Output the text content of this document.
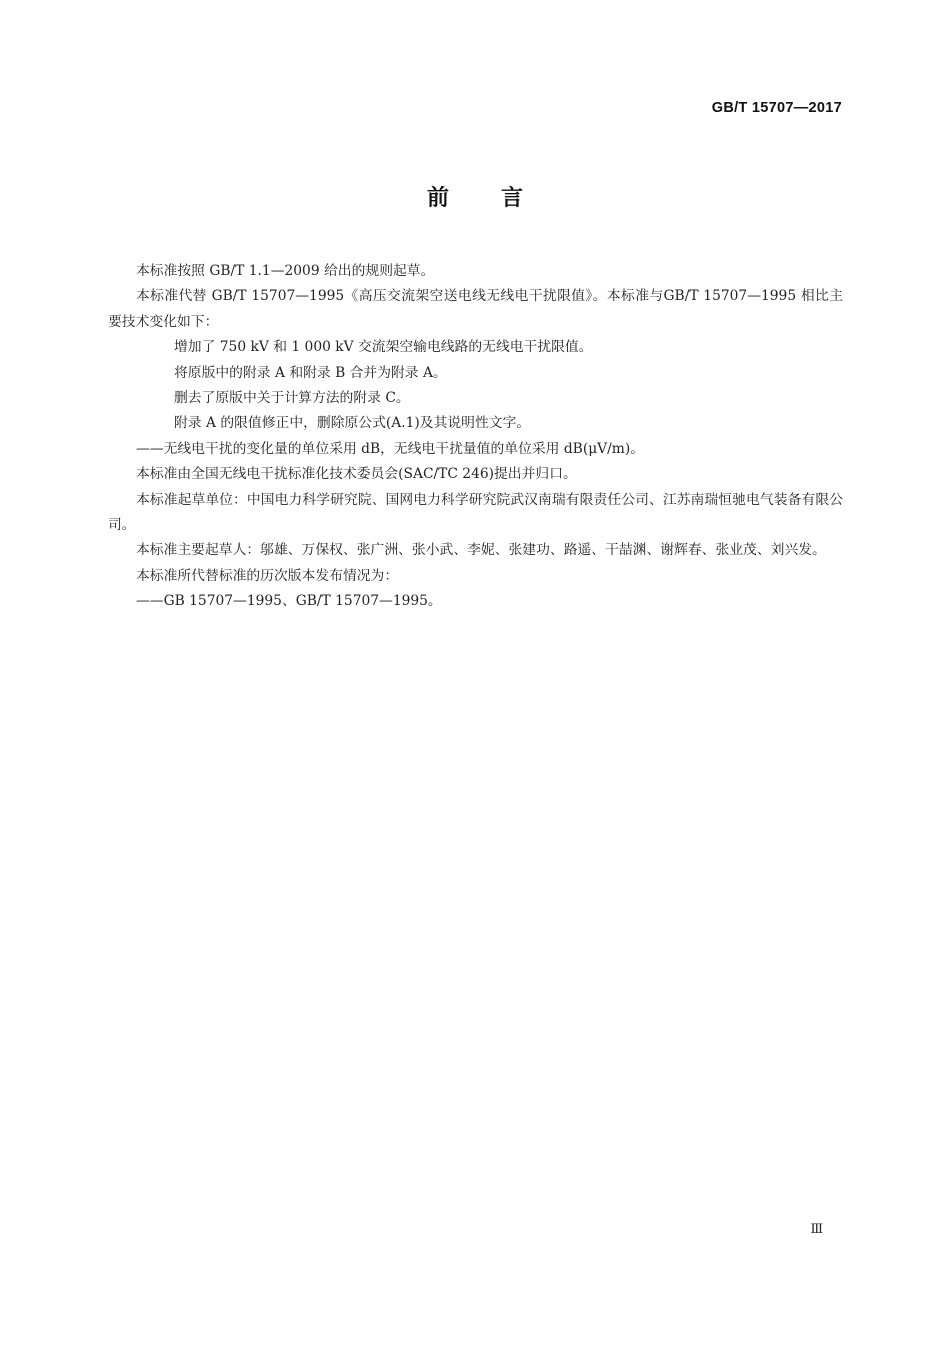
GB/T 15707—2017
前 言

本标准按照 GB/T 1.1—2009 给出的规则起草。

本标准代替 GB/T 15707—1995《高压交流架空送电线无线电干扰限值》。本标准与GB/T 15707—1995 相比主要技术变化如下：

增加了 750 kV 和 1 000 kV 交流架空输电线路的无线电干扰限值。

将原版中的附录 A 和附录 B 合并为附录 A。

删去了原版中关于计算方法的附录 C。

附录 A 的限值修正中，删除原公式(A.1)及其说明性文字。

——无线电干扰的变化量的单位采用 dB，无线电干扰量值的单位采用 dB(μV/m)。

本标准由全国无线电干扰标准化技术委员会(SAC/TC 246)提出并归口。

本标准起草单位：中国电力科学研究院、国网电力科学研究院武汉南瑞有限责任公司、江苏南瑞恒驰电气装备有限公司。

本标准主要起草人：邬雄、万保权、张广洲、张小武、李妮、张建功、路遥、干喆渊、谢辉春、张业茂、刘兴发。

本标准所代替标准的历次版本发布情况为：

——GB 15707—1995、GB/T 15707—1995。

Ⅲ
